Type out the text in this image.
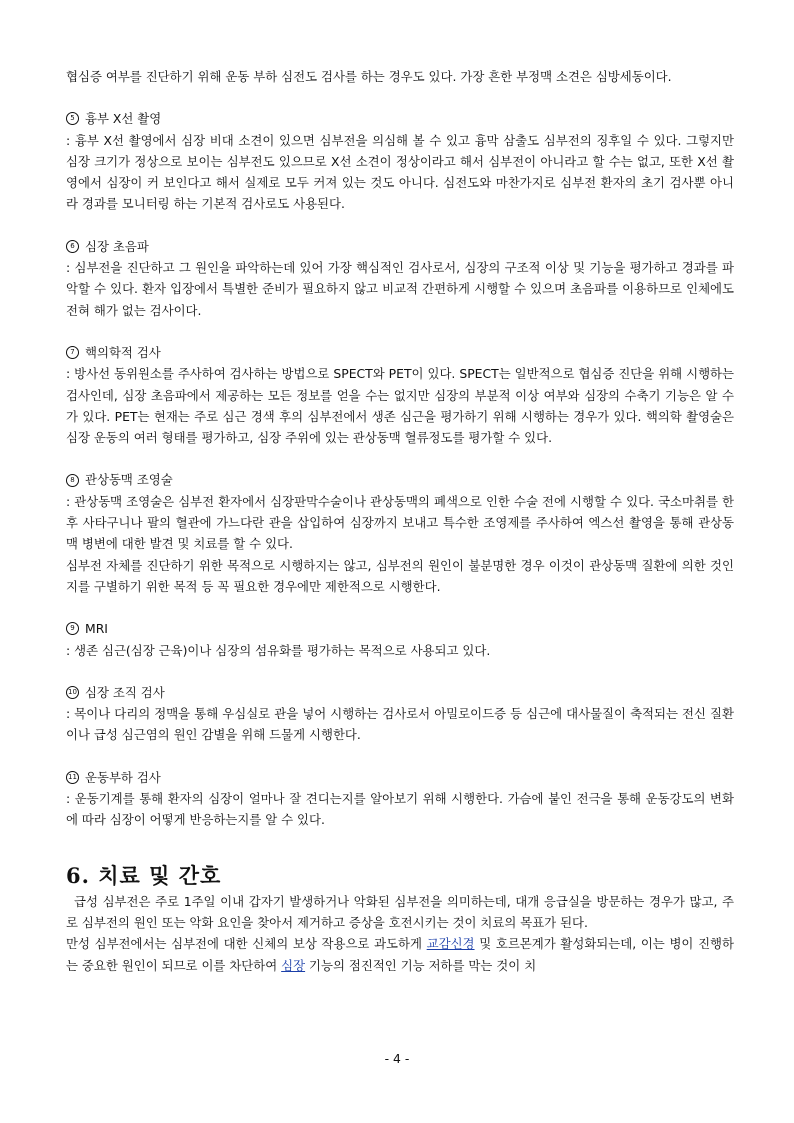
협심증 여부를 진단하기 위해 운동 부하 심전도 검사를 하는 경우도 있다. 가장 흔한 부정맥 소견은 심방세동이다.

5 흉부 X선 촬영

: 흉부 X선 촬영에서 심장 비대 소견이 있으면 심부전을 의심해 볼 수 있고 흉막 삼출도 심부전의 징후일 수 있다. 그렇지만 심장 크기가 정상으로 보이는 심부전도 있으므로 X선 소견이 정상이라고 해서 심부전이 아니라고 할 수는 없고, 또한 X선 촬영에서 심장이 커 보인다고 해서 실제로 모두 커져 있는 것도 아니다. 심전도와 마찬가지로 심부전 환자의 초기 검사뿐 아니라 경과를 모니터링 하는 기본적 검사로도 사용된다.

6 심장 초음파

: 심부전을 진단하고 그 원인을 파악하는데 있어 가장 핵심적인 검사로서, 심장의 구조적 이상 및 기능을 평가하고 경과를 파악할 수 있다. 환자 입장에서 특별한 준비가 필요하지 않고 비교적 간편하게 시행할 수 있으며 초음파를 이용하므로 인체에도 전혀 해가 없는 검사이다.

7 핵의학적 검사

: 방사선 동위원소를 주사하여 검사하는 방법으로 SPECT와 PET이 있다. SPECT는 일반적으로 협심증 진단을 위해 시행하는 검사인데, 심장 초음파에서 제공하는 모든 정보를 얻을 수는 없지만 심장의 부분적 이상 여부와 심장의 수축기 기능은 알 수가 있다. PET는 현재는 주로 심근 경색 후의 심부전에서 생존 심근을 평가하기 위해 시행하는 경우가 있다. 핵의학 촬영술은 심장 운동의 여러 형태를 평가하고, 심장 주위에 있는 관상동맥 혈류정도를 평가할 수 있다.

8 관상동맥 조영술

: 관상동맥 조영술은 심부전 환자에서 심장판막수술이나 관상동맥의 폐색으로 인한 수술 전에 시행할 수 있다. 국소마취를 한 후 사타구니나 팔의 혈관에 가느다란 관을 삽입하여 심장까지 보내고 특수한 조영제를 주사하여 엑스선 촬영을 통해 관상동맥 병변에 대한 발견 및 치료를 할 수 있다.

심부전 자체를 진단하기 위한 목적으로 시행하지는 않고, 심부전의 원인이 불분명한 경우 이것이 관상동맥 질환에 의한 것인지를 구별하기 위한 목적 등 꼭 필요한 경우에만 제한적으로 시행한다.

9 MRI

: 생존 심근(심장 근육)이나 심장의 섬유화를 평가하는 목적으로 사용되고 있다.

10 심장 조직 검사

: 목이나 다리의 정맥을 통해 우심실로 관을 넣어 시행하는 검사로서 아밀로이드증 등 심근에 대사물질이 축적되는 전신 질환이나 급성 심근염의 원인 감별을 위해 드물게 시행한다.

11 운동부하 검사

: 운동기계를 통해 환자의 심장이 얼마나 잘 견디는지를 알아보기 위해 시행한다. 가슴에 붙인 전극을 통해 운동강도의 변화에 따라 심장이 어떻게 반응하는지를 알 수 있다.

6. 치료 및 간호

급성 심부전은 주로 1주일 이내 갑자기 발생하거나 악화된 심부전을 의미하는데, 대개 응급실을 방문하는 경우가 많고, 주로 심부전의 원인 또는 악화 요인을 찾아서 제거하고 증상을 호전시키는 것이 치료의 목표가 된다.

만성 심부전에서는 심부전에 대한 신체의 보상 작용으로 과도하게 교감신경 및 호르몬계가 활성화되는데, 이는 병이 진행하는 중요한 원인이 되므로 이를 차단하여 심장 기능의 점진적인 기능 저하를 막는 것이 치

- 4 -
